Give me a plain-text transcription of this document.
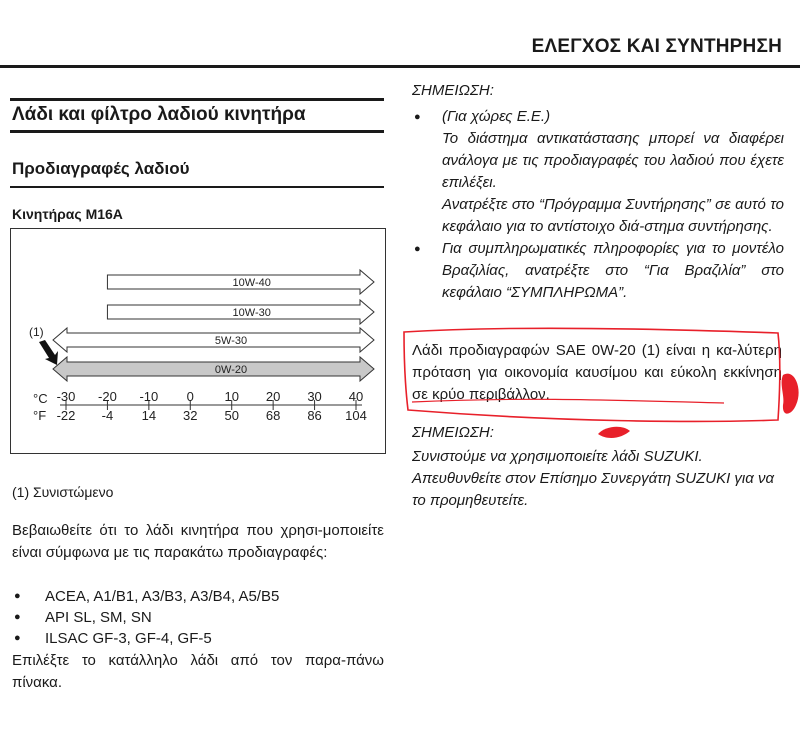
ΕΛΕΓΧΟΣ ΚΑΙ ΣΥΝΤΗΡΗΣΗ
Λάδι και φίλτρο λαδιού κινητήρα
Προδιαγραφές λαδιού
Κινητήρας M16A
10W-40
10W-30
5W-30
0W-20
(1)
°C
°F
-30
-22
-20
-4
-10
14
0
32
10
50
20
68
30
86
40
104
(1) Συνιστώμενο
Βεβαιωθείτε ότι το λάδι κινητήρα που χρησι-μοποιείτε είναι σύμφωνα με τις παρακάτω προδιαγραφές:
● ACEA, A1/B1, A3/B3, A3/B4, A5/B5
● API SL, SM, SN
● ILSAC GF-3, GF-4, GF-5
Επιλέξτε το κατάλληλο λάδι από τον παρα-πάνω πίνακα.
ΣΗΜΕΙΩΣΗ:

● (Για χώρες Ε.Ε.)

Το διάστημα αντικατάστασης μπορεί να διαφέρει ανάλογα με τις προδιαγραφές του λαδιού που έχετε επιλέξει.

Ανατρέξτε στο “Πρόγραμμα Συντήρησης” σε αυτό το κεφάλαιο για το αντίστοιχο διά-στημα συντήρησης.

● Για συμπληρωματικές πληροφορίες για το μοντέλο Βραζιλίας, ανατρέξτε στο “Για Βραζιλία” στο κεφάλαιο “ΣΥΜΠΛΗΡΩΜΑ”.

Λάδι προδιαγραφών SAE 0W-20 (1) είναι η κα-λύτερη πρόταση για οικονομία καυσίμου και εύκολη εκκίνηση σε κρύο περιβάλλον.
ΣΗΜΕΙΩΣΗ:
Συνιστούμε να χρησιμοποιείτε λάδι SUZUKI. Απευθυνθείτε στον Επίσημο Συνεργάτη SUZUKI για να το προμηθευτείτε.
